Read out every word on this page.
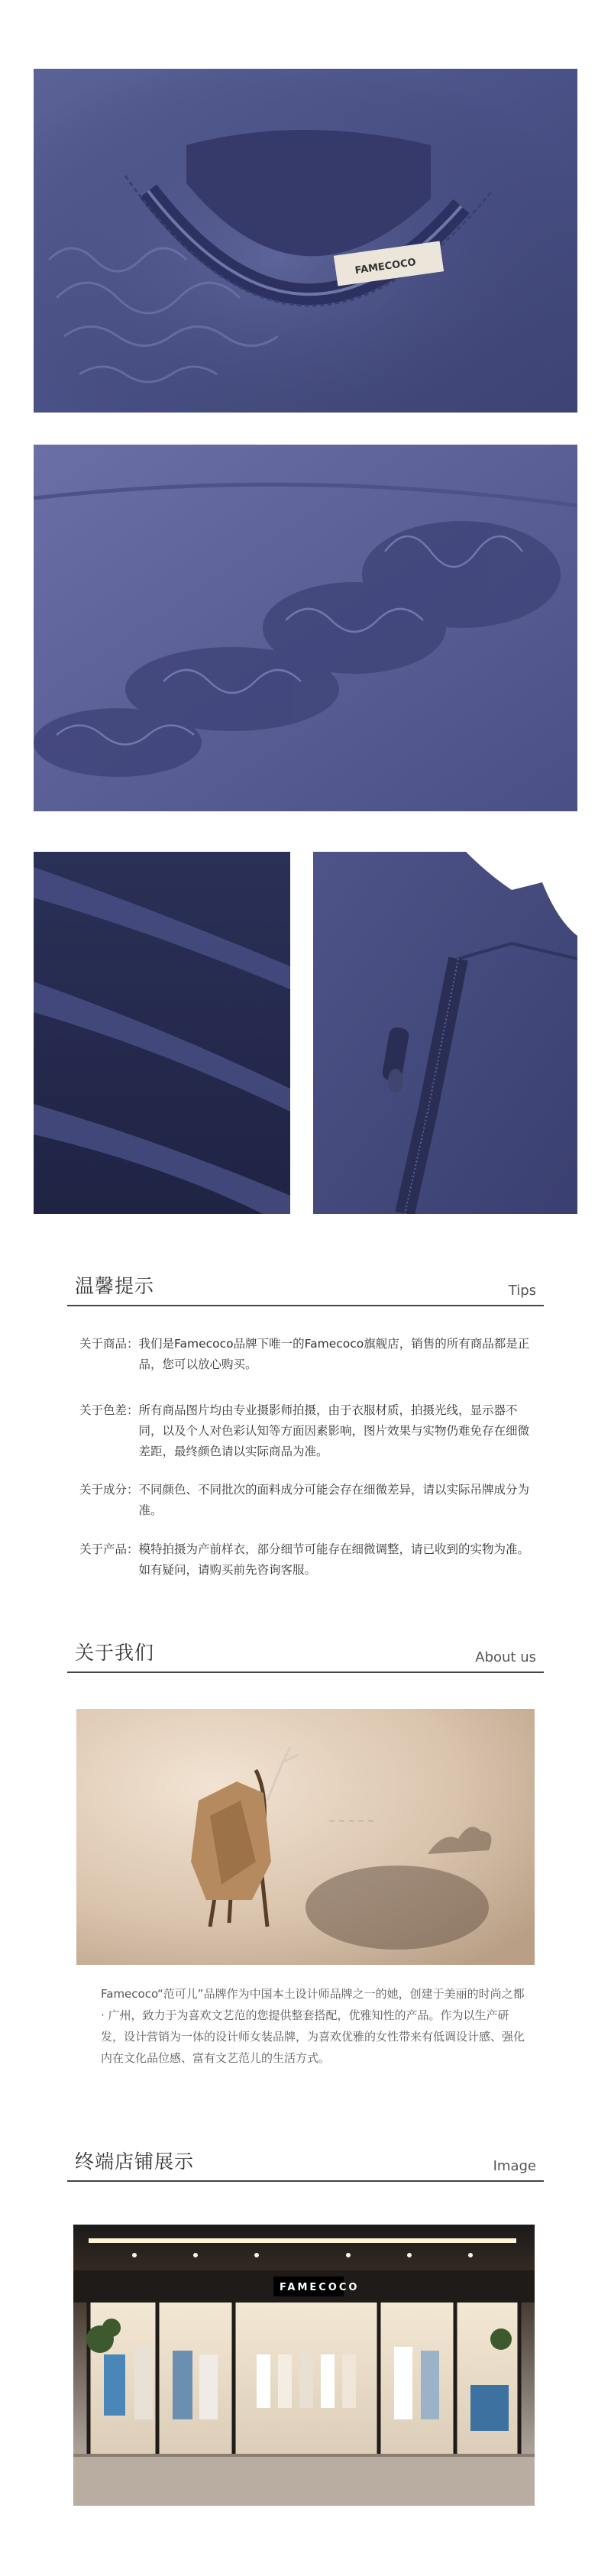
FAMECOCO
温馨提示	Tips
关于商品： 我们是Famecoco品牌下唯一的Famecoco旗舰店，销售的所有商品都是正品，您可以放心购买。
关于色差： 所有商品图片均由专业摄影师拍摄，由于衣服材质，拍摄光线，显示器不同，以及个人对色彩认知等方面因素影响，图片效果与实物仍难免存在细微差距，最终颜色请以实际商品为准。
关于成分： 不同颜色、不同批次的面料成分可能会存在细微差异，请以实际吊牌成分为准。
关于产品： 模特拍摄为产前样衣，部分细节可能存在细微调整，请已收到的实物为准。如有疑问，请购买前先咨询客服。
关于我们	About us
~ ~ ~ ~ ~
Famecoco“范可儿”品牌作为中国本土设计师品牌之一的她，创建于美丽的时尚之都 · 广州，致力于为喜欢文艺范的您提供整套搭配，优雅知性的产品。作为以生产研发，设计营销为一体的设计师女装品牌，为喜欢优雅的女性带来有低调设计感、强化内在文化品位感、富有文艺范儿的生活方式。
终端店铺展示	Image
FAMECOCO
